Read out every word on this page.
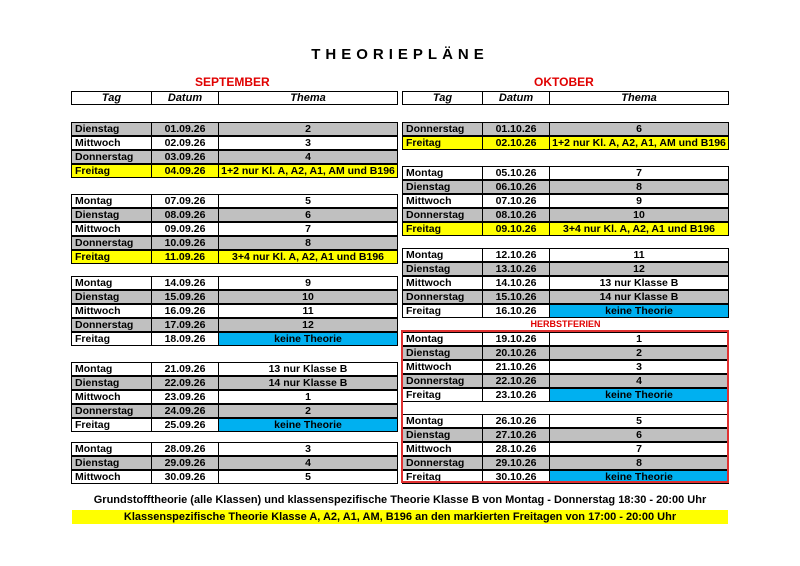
THEORIEPLÄNE
SEPTEMBER	OKTOBER
Tag	Datum	Thema	Tag	Datum	Thema
Dienstag	01.09.26	2
Mittwoch	02.09.26	3
Donnerstag	03.09.26	4
Freitag	04.09.26	1+2 nur Kl. A, A2, A1, AM und B196
Montag	07.09.26	5
Dienstag	08.09.26	6
Mittwoch	09.09.26	7
Donnerstag	10.09.26	8
Freitag	11.09.26	3+4 nur Kl. A, A2, A1 und B196
Montag	14.09.26	9
Dienstag	15.09.26	10
Mittwoch	16.09.26	11
Donnerstag	17.09.26	12
Freitag	18.09.26	keine Theorie
Montag	21.09.26	13 nur Klasse B
Dienstag	22.09.26	14 nur Klasse B
Mittwoch	23.09.26	1
Donnerstag	24.09.26	2
Freitag	25.09.26	keine Theorie
Montag	28.09.26	3
Dienstag	29.09.26	4
Mittwoch	30.09.26	5
Donnerstag	01.10.26	6
Freitag	02.10.26	1+2 nur Kl. A, A2, A1, AM und B196
Montag	05.10.26	7
Dienstag	06.10.26	8
Mittwoch	07.10.26	9
Donnerstag	08.10.26	10
Freitag	09.10.26	3+4 nur Kl. A, A2, A1 und B196
Montag	12.10.26	11
Dienstag	13.10.26	12
Mittwoch	14.10.26	13 nur Klasse B
Donnerstag	15.10.26	14 nur Klasse B
Freitag	16.10.26	keine Theorie
Montag	19.10.26	1
Dienstag	20.10.26	2
Mittwoch	21.10.26	3
Donnerstag	22.10.26	4
Freitag	23.10.26	keine Theorie
Montag	26.10.26	5
Dienstag	27.10.26	6
Mittwoch	28.10.26	7
Donnerstag	29.10.26	8
Freitag	30.10.26	keine Theorie
HERBSTFERIEN
Grundstofftheorie (alle Klassen) und klassenspezifische Theorie Klasse B von Montag - Donnerstag 18:30 - 20:00 Uhr
Klassenspezifische Theorie Klasse A, A2, A1, AM, B196 an den markierten Freitagen von 17:00 - 20:00 Uhr
